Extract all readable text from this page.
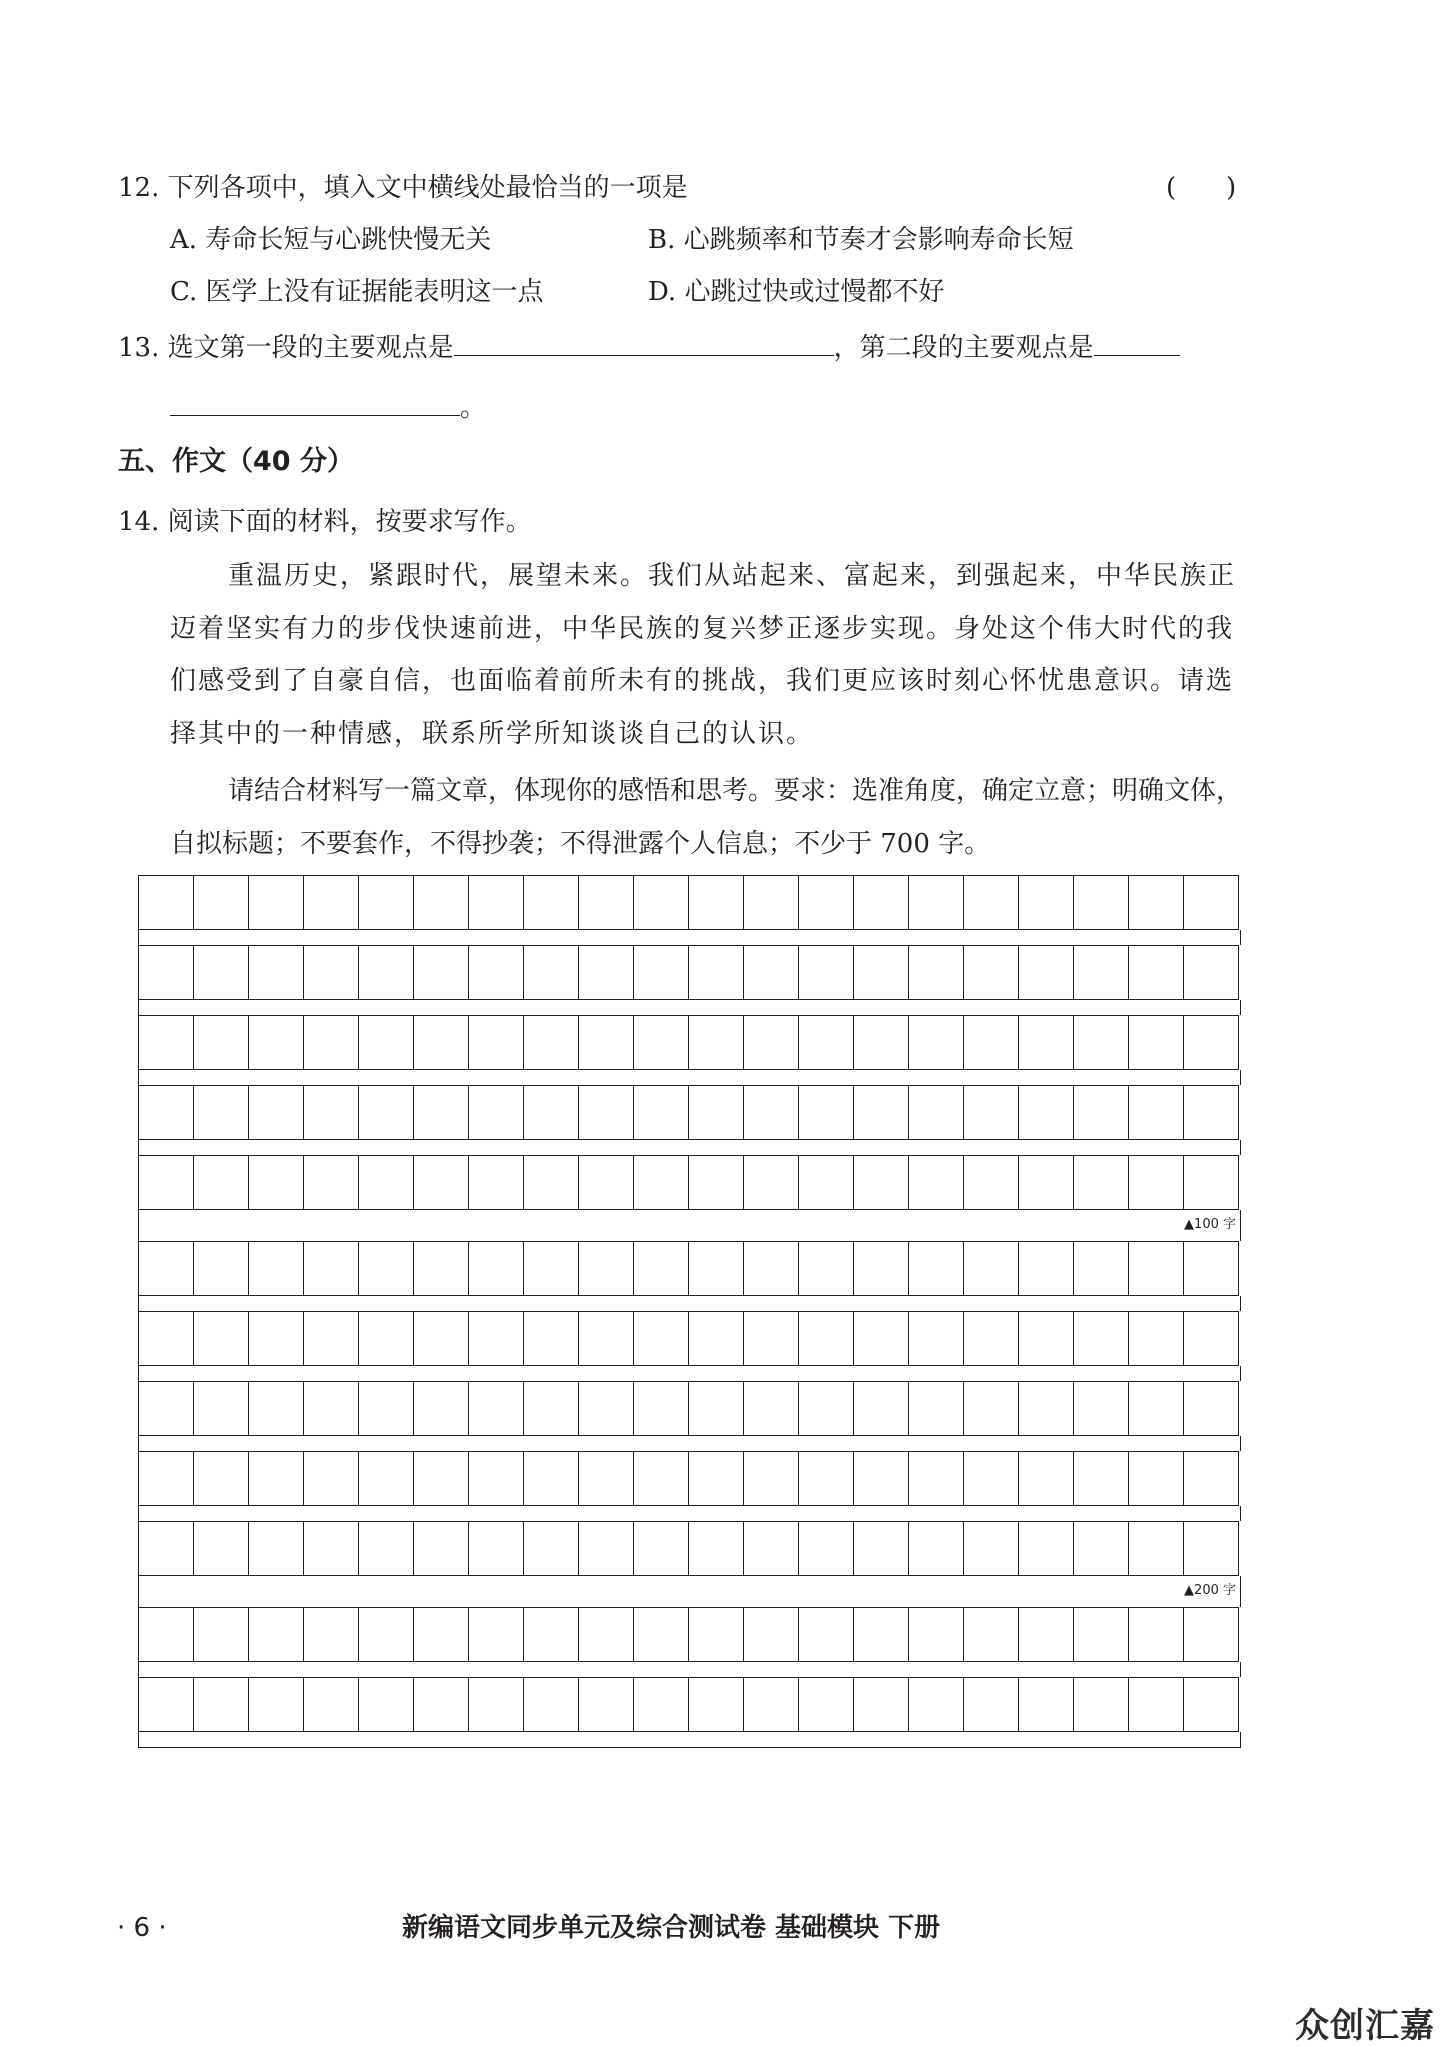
12. 下列各项中，填入文中横线处最恰当的一项是	( )
A. 寿命长短与心跳快慢无关	B. 心跳频率和节奏才会影响寿命长短
C. 医学上没有证据能表明这一点	D. 心跳过快或过慢都不好
13. 选文第一段的主要观点是	，第二段的主要观点是
。
五、作文（40 分）
14. 阅读下面的材料，按要求写作。
重温历史，紧跟时代，展望未来。我们从站起来、富起来，到强起来，中华民族正迈着坚实有力的步伐快速前进，中华民族的复兴梦正逐步实现。身处这个伟大时代的我们感受到了自豪自信，也面临着前所未有的挑战，我们更应该时刻心怀忧患意识。请选择其中的一种情感，联系所学所知谈谈自己的认识。
请结合材料写一篇文章，体现你的感悟和思考。要求：选准角度，确定立意；明确文体，自拟标题；不要套作，不得抄袭；不得泄露个人信息；不少于 700 字。
▲100 字
▲200 字
· 6 ·	新编语文同步单元及综合测试卷 基础模块 下册
众创汇嘉
